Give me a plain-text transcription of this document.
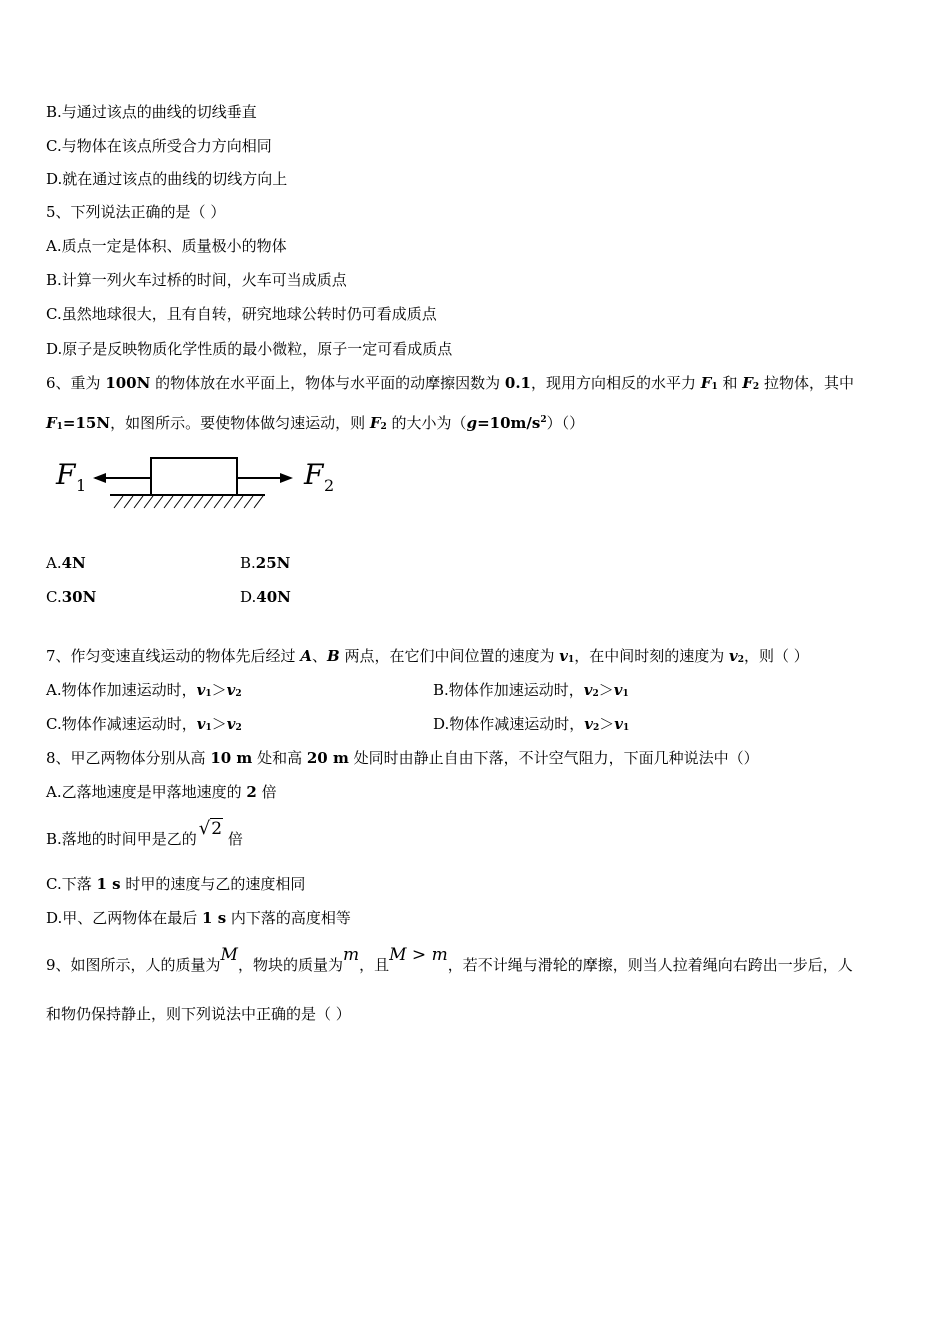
B.与通过该点的曲线的切线垂直
C.与物体在该点所受合力方向相同
D.就在通过该点的曲线的切线方向上
5、下列说法正确的是（ ）
A.质点一定是体积、质量极小的物体
B.计算一列火车过桥的时间，火车可当成质点
C.虽然地球很大，且有自转，研究地球公转时仍可看成质点
D.原子是反映物质化学性质的最小微粒，原子一定可看成质点
6、重为 100N 的物体放在水平面上，物体与水平面的动摩擦因数为 0.1，现用方向相反的水平力 $F_1$ 和 $F_2$ 拉物体，其中
$F_1=15N$，如图所示。要使物体做匀速运动，则 $F_2$ 的大小为$(g=10m/s^2)()$
F 1	F 2
A.4N	B.25N
C.30N	D.40N
7、作匀变速直线运动的物体先后经过 A、B 两点，在它们中间位置的速度为 $v_1$，在中间时刻的速度为 $v_2$，则（ ）
A.物体作加速运动时，$v_1>v_2$	B.物体作加速运动时，$v_2>v_1$
C.物体作减速运动时，$v_1>v_2$	D.物体作减速运动时，$v_2>v_1$
8、甲乙两物体分别从高 10 m 处和高 20 m 处同时由静止自由下落，不计空气阻力，下面几种说法中（）
A.乙落地速度是甲落地速度的 2 倍
B.落地的时间甲是乙的 √2 倍
C.下落 1 s 时甲的速度与乙的速度相同
D.甲、乙两物体在最后 1 s 内下落的高度相等
9、如图所示，人的质量为M，物块的质量为m，且M > m，若不计绳与滑轮的摩擦，则当人拉着绳向右跨出一步后，人
和物仍保持静止，则下列说法中正确的是（ ）
